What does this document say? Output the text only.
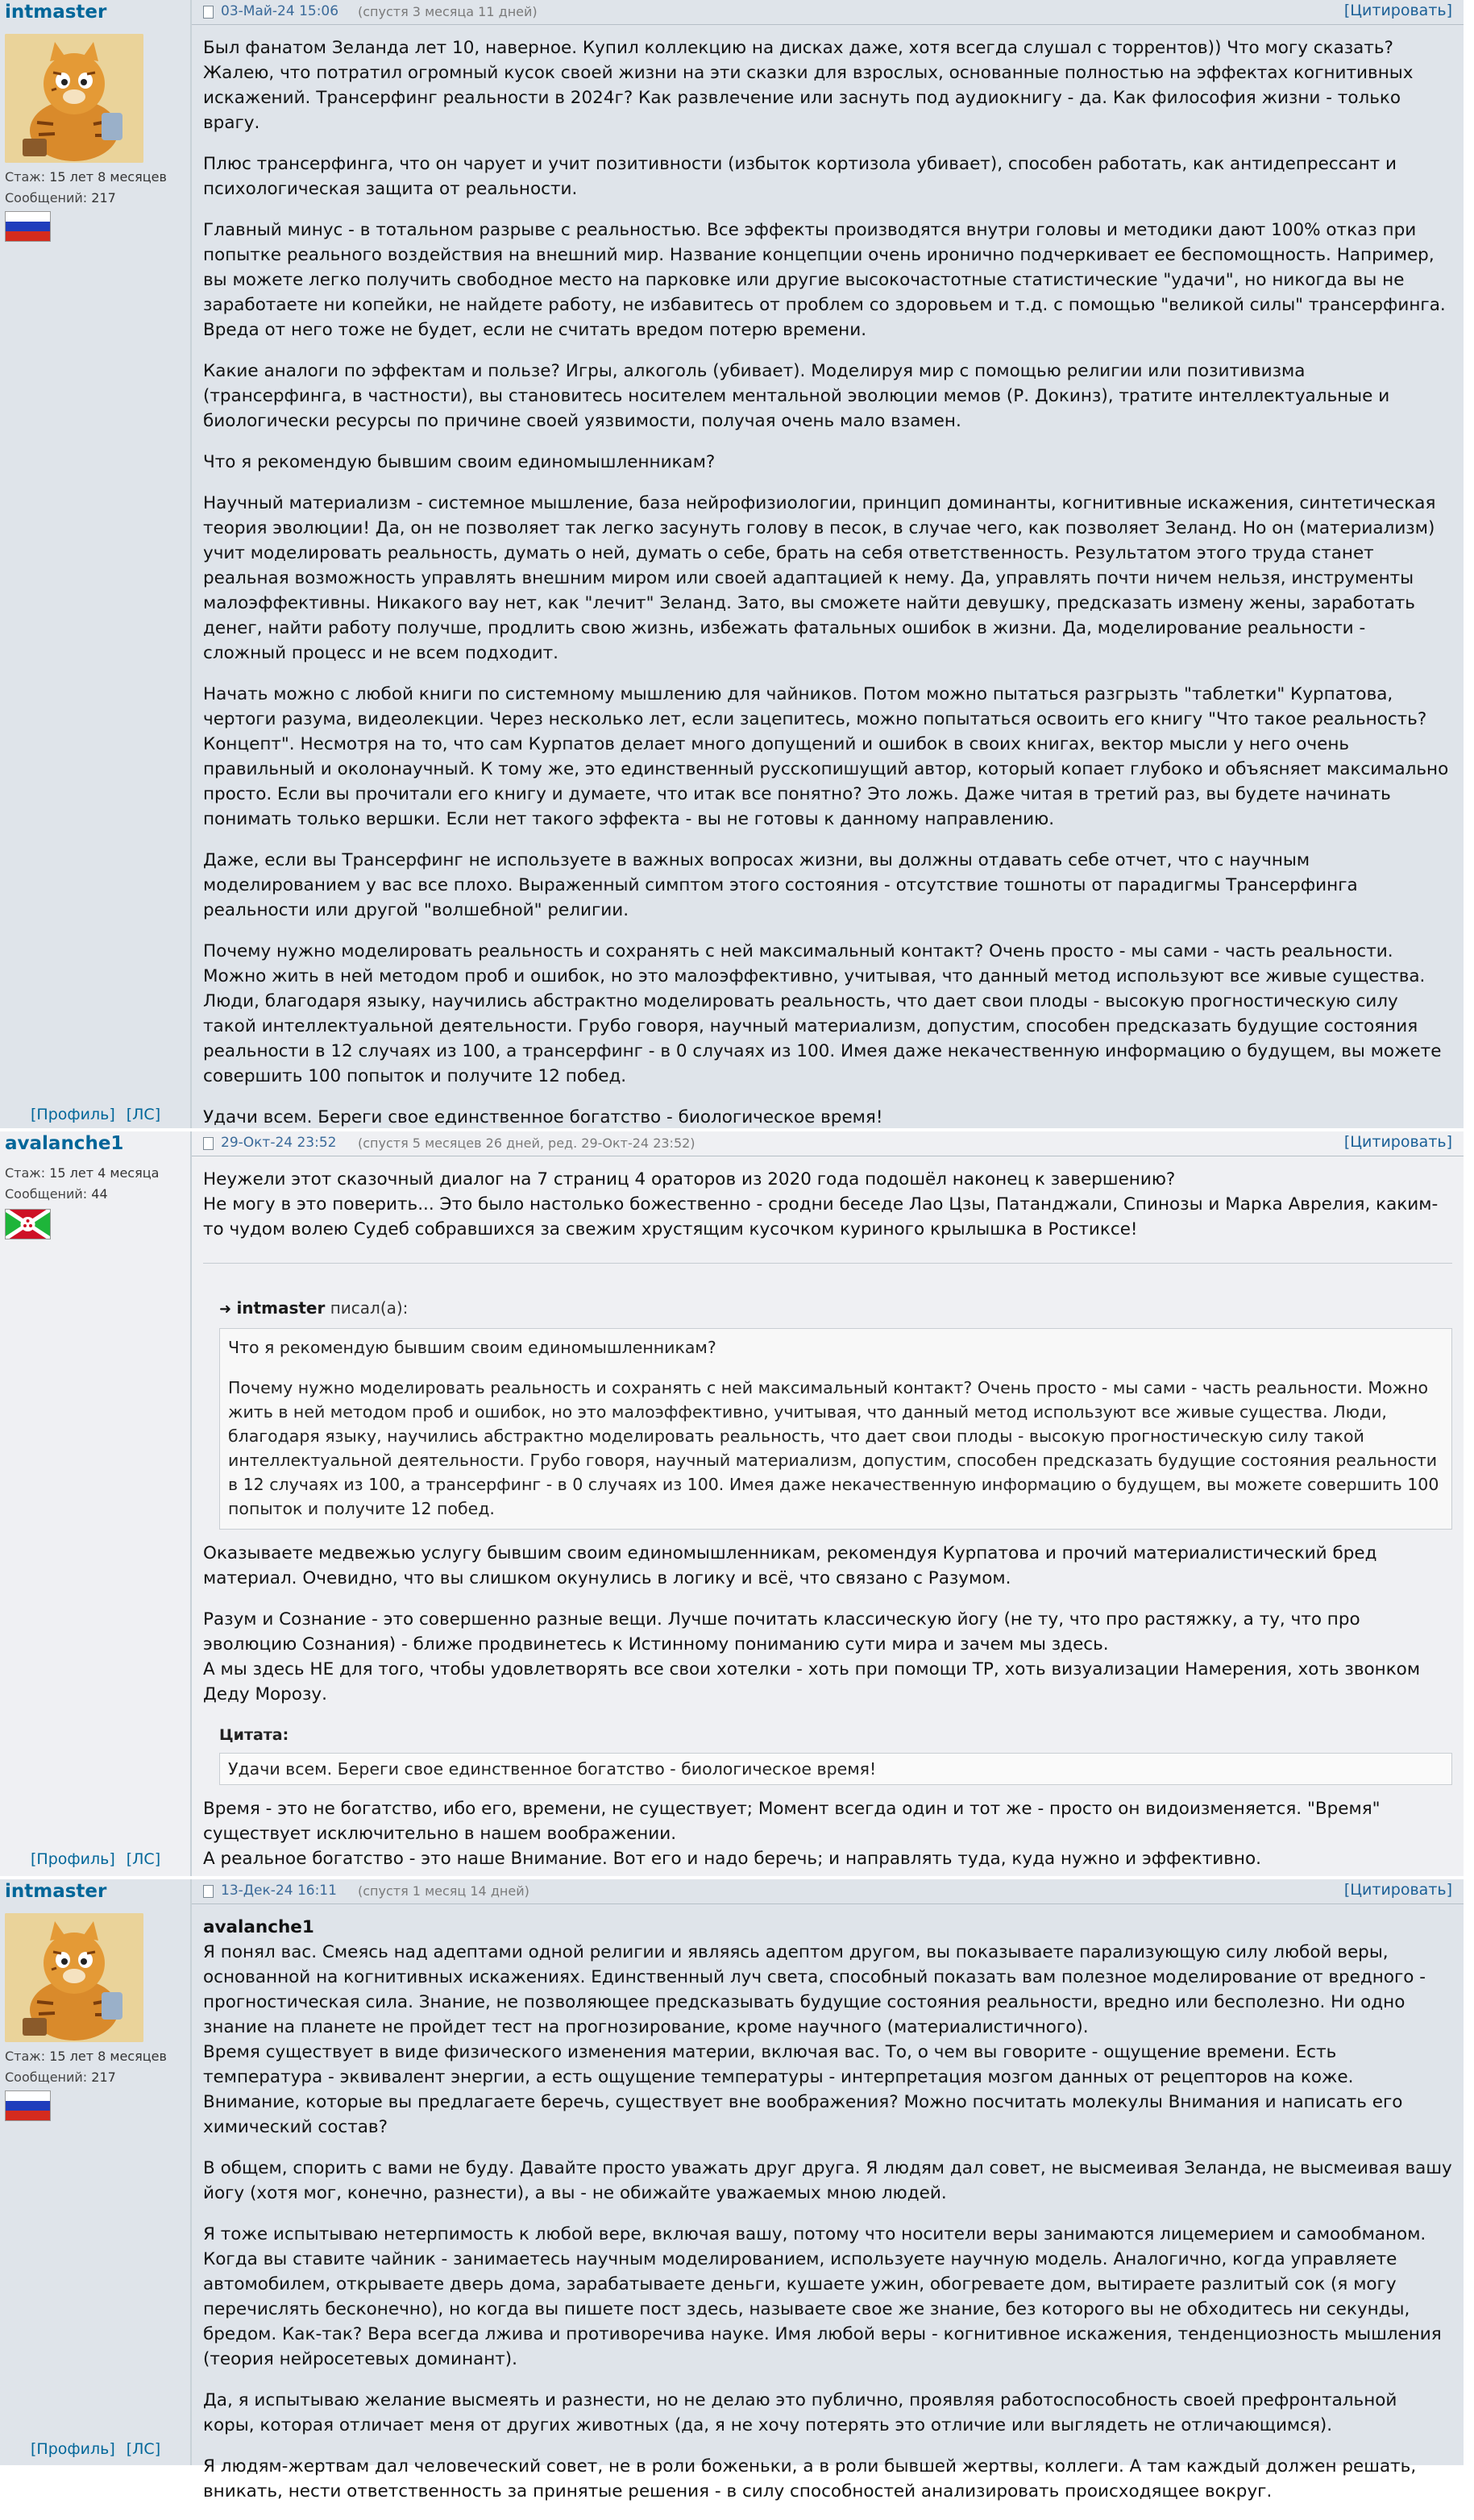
intmaster
Стаж: 15 лет 8 месяцев
Сообщений: 217
[Профиль] [ЛС]
03-Май-24 15:06 (спустя 3 месяца 11 дней)	[Цитировать]

Был фанатом Зеланда лет 10, наверное. Купил коллекцию на дисках даже, хотя всегда слушал с торрентов)) Что могу сказать? Жалею, что потратил огромный кусок своей жизни на эти сказки для взрослых, основанные полностью на эффектах когнитивных искажений. Трансерфинг реальности в 2024г? Как развлечение или заснуть под аудиокнигу - да. Как философия жизни - только врагу.

Плюс трансерфинга, что он чарует и учит позитивности (избыток кортизола убивает), способен работать, как антидепрессант и психологическая защита от реальности.

Главный минус - в тотальном разрыве с реальностью. Все эффекты производятся внутри головы и методики дают 100% отказ при попытке реального воздействия на внешний мир. Название концепции очень иронично подчеркивает ее беспомощность. Например, вы можете легко получить свободное место на парковке или другие высокочастотные статистические "удачи", но никогда вы не заработаете ни копейки, не найдете работу, не избавитесь от проблем со здоровьем и т.д. с помощью "великой силы" трансерфинга. Вреда от него тоже не будет, если не считать вредом потерю времени.

Какие аналоги по эффектам и пользе? Игры, алкоголь (убивает). Моделируя мир с помощью религии или позитивизма (трансерфинга, в частности), вы становитесь носителем ментальной эволюции мемов (Р. Докинз), тратите интеллектуальные и биологически ресурсы по причине своей уязвимости, получая очень мало взамен.

Что я рекомендую бывшим своим единомышленникам?

Научный материализм - системное мышление, база нейрофизиологии, принцип доминанты, когнитивные искажения, синтетическая теория эволюции! Да, он не позволяет так легко засунуть голову в песок, в случае чего, как позволяет Зеланд. Но он (материализм) учит моделировать реальность, думать о ней, думать о себе, брать на себя ответственность. Результатом этого труда станет реальная возможность управлять внешним миром или своей адаптацией к нему. Да, управлять почти ничем нельзя, инструменты малоэффективны. Никакого вау нет, как "лечит" Зеланд. Зато, вы сможете найти девушку, предсказать измену жены, заработать денег, найти работу получше, продлить свою жизнь, избежать фатальных ошибок в жизни. Да, моделирование реальности - сложный процесс и не всем подходит.

Начать можно с любой книги по системному мышлению для чайников. Потом можно пытаться разгрызть "таблетки" Курпатова, чертоги разума, видеолекции. Через несколько лет, если зацепитесь, можно попытаться освоить его книгу "Что такое реальность? Концепт". Несмотря на то, что сам Курпатов делает много допущений и ошибок в своих книгах, вектор мысли у него очень правильный и околонаучный. К тому же, это единственный русскопишущий автор, который копает глубоко и объясняет максимально просто. Если вы прочитали его книгу и думаете, что итак все понятно? Это ложь. Даже читая в третий раз, вы будете начинать понимать только вершки. Если нет такого эффекта - вы не готовы к данному направлению.

Даже, если вы Трансерфинг не используете в важных вопросах жизни, вы должны отдавать себе отчет, что с научным моделированием у вас все плохо. Выраженный симптом этого состояния - отсутствие тошноты от парадигмы Трансерфинга реальности или другой "волшебной" религии.

Почему нужно моделировать реальность и сохранять с ней максимальный контакт? Очень просто - мы сами - часть реальности. Можно жить в ней методом проб и ошибок, но это малоэффективно, учитывая, что данный метод используют все живые существа. Люди, благодаря языку, научились абстрактно моделировать реальность, что дает свои плоды - высокую прогностическую силу такой интеллектуальной деятельности. Грубо говоря, научный материализм, допустим, способен предсказать будущие состояния реальности в 12 случаях из 100, а трансерфинг - в 0 случаях из 100. Имея даже некачественную информацию о будущем, вы можете совершить 100 попыток и получите 12 побед.

Удачи всем. Береги свое единственное богатство - биологическое время!

avalanche1
Стаж: 15 лет 4 месяца
Сообщений: 44
[Профиль] [ЛС]
29-Окт-24 23:52 (спустя 5 месяцев 26 дней, ред. 29-Окт-24 23:52)	[Цитировать]

Неужели этот сказочный диалог на 7 страниц 4 ораторов из 2020 года подошёл наконец к завершению?

Не могу в это поверить... Это было настолько божественно - сродни беседе Лао Цзы, Патанджали, Спинозы и Марка Аврелия, каким-то чудом волею Судеб собравшихся за свежим хрустящим кусочком куриного крылышка в Ростиксе!

➜ intmaster писал(а):

Что я рекомендую бывшим своим единомышленникам?

Почему нужно моделировать реальность и сохранять с ней максимальный контакт? Очень просто - мы сами - часть реальности. Можно жить в ней методом проб и ошибок, но это малоэффективно, учитывая, что данный метод используют все живые существа. Люди, благодаря языку, научились абстрактно моделировать реальность, что дает свои плоды - высокую прогностическую силу такой интеллектуальной деятельности. Грубо говоря, научный материализм, допустим, способен предсказать будущие состояния реальности в 12 случаях из 100, а трансерфинг - в 0 случаях из 100. Имея даже некачественную информацию о будущем, вы можете совершить 100 попыток и получите 12 побед.

Оказываете медвежью услугу бывшим своим единомышленникам, рекомендуя Курпатова и прочий материалистический бред материал. Очевидно, что вы слишком окунулись в логику и всё, что связано с Разумом.

Разум и Сознание - это совершенно разные вещи. Лучше почитать классическую йогу (не ту, что про растяжку, а ту, что про эволюцию Сознания) - ближе продвинетесь к Истинному пониманию сути мира и зачем мы здесь.

А мы здесь НЕ для того, чтобы удовлетворять все свои хотелки - хоть при помощи ТР, хоть визуализации Намерения, хоть звонком Деду Морозу.

Цитата:
Удачи всем. Береги свое единственное богатство - биологическое время!

Время - это не богатство, ибо его, времени, не существует; Момент всегда один и тот же - просто он видоизменяется. "Время" существует исключительно в нашем воображении.

А реальное богатство - это наше Внимание. Вот его и надо беречь; и направлять туда, куда нужно и эффективно.

intmaster
Стаж: 15 лет 8 месяцев
Сообщений: 217
[Профиль] [ЛС]
13-Дек-24 16:11 (спустя 1 месяц 14 дней)	[Цитировать]

avalanche1

Я понял вас. Смеясь над адептами одной религии и являясь адептом другом, вы показываете парализующую силу любой веры, основанной на когнитивных искажениях. Единственный луч света, способный показать вам полезное моделирование от вредного - прогностическая сила. Знание, не позволяющее предсказывать будущие состояния реальности, вредно или бесполезно. Ни одно знание на планете не пройдет тест на прогнозирование, кроме научного (материалистичного).

Время существует в виде физического изменения материи, включая вас. То, о чем вы говорите - ощущение времени. Есть температура - эквивалент энергии, а есть ощущение температуры - интерпретация мозгом данных от рецепторов на коже. Внимание, которые вы предлагаете беречь, существует вне воображения? Можно посчитать молекулы Внимания и написать его химический состав?

В общем, спорить с вами не буду. Давайте просто уважать друг друга. Я людям дал совет, не высмеивая Зеланда, не высмеивая вашу йогу (хотя мог, конечно, разнести), а вы - не обижайте уважаемых мною людей.

Я тоже испытываю нетерпимость к любой вере, включая вашу, потому что носители веры занимаются лицемерием и самообманом. Когда вы ставите чайник - занимаетесь научным моделированием, используете научную модель. Аналогично, когда управляете автомобилем, открываете дверь дома, зарабатываете деньги, кушаете ужин, обогреваете дом, вытираете разлитый сок (я могу перечислять бесконечно), но когда вы пишете пост здесь, называете свое же знание, без которого вы не обходитесь ни секунды, бредом. Как-так? Вера всегда лжива и противоречива науке. Имя любой веры - когнитивное искажения, тенденциозность мышления (теория нейросетевых доминант).

Да, я испытываю желание высмеять и разнести, но не делаю это публично, проявляя работоспособность своей префронтальной коры, которая отличает меня от других животных (да, я не хочу потерять это отличие или выглядеть не отличающимся).

Я людям-жертвам дал человеческий совет, не в роли боженьки, а в роли бывшей жертвы, коллеги. А там каждый должен решать, вникать, нести ответственность за принятые решения - в силу способностей анализировать происходящее вокруг.
